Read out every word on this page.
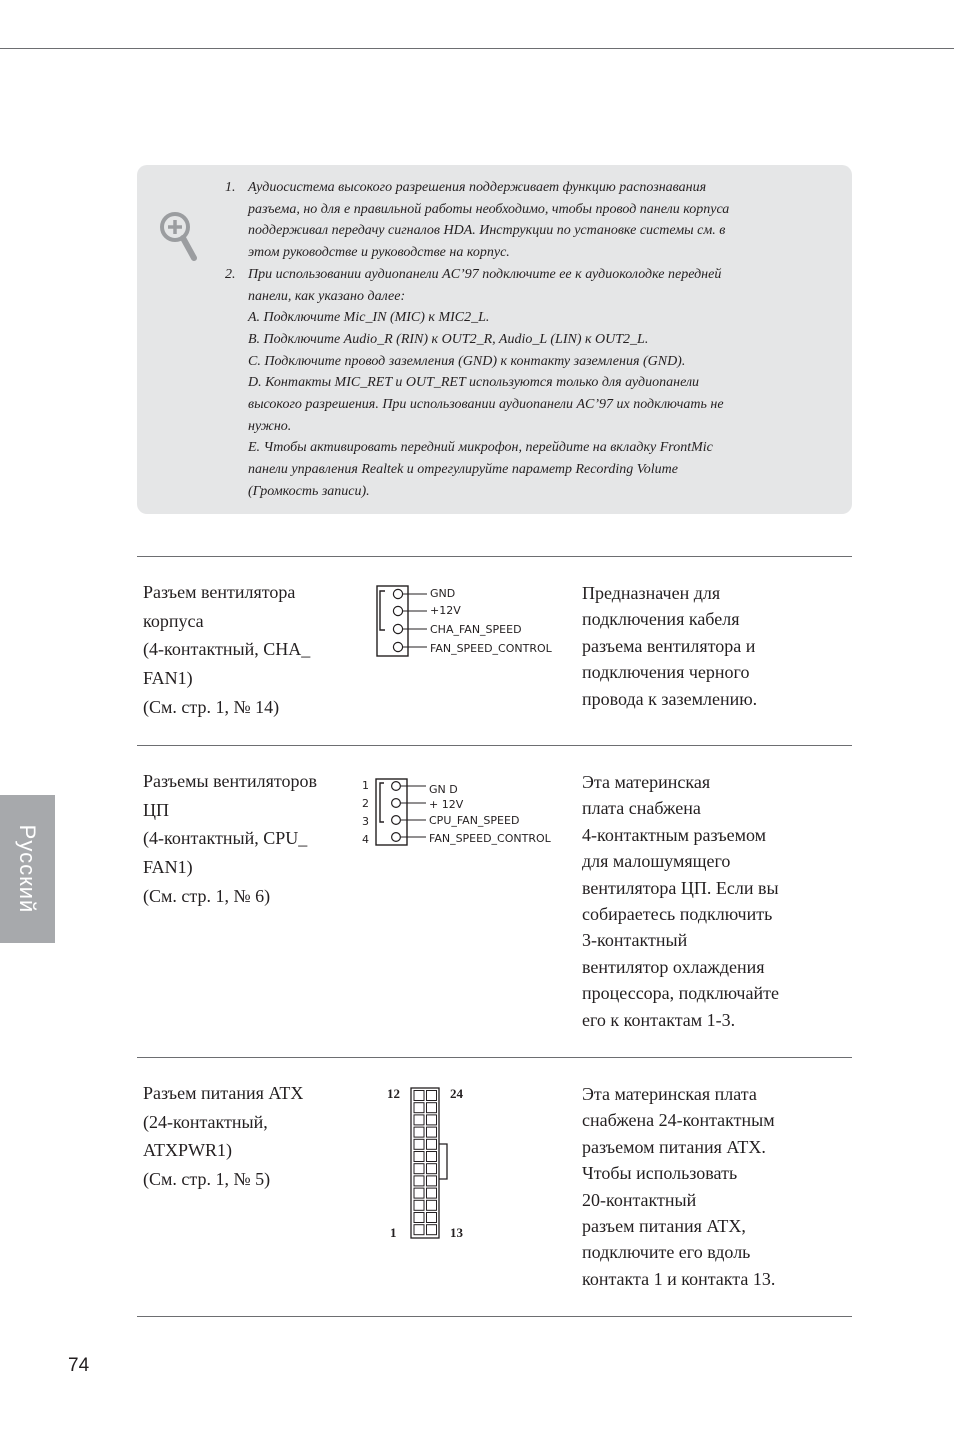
1. Аудиосистема высокого разрешения поддерживает функцию распознавания
разъема, но для е правильной работы необходимо, чтобы провод панели корпуса
поддерживал передачу сигналов HDA. Инструкции по установке системы см. в
этом руководстве и руководстве на корпус.
2. При использовании аудиопанели AC’97 подключите ее к аудиоколодке передней
панели, как указано далее:
A. Подключите Mic_IN (MIC) к MIC2_L.
B. Подключите Audio_R (RIN) к OUT2_R, Audio_L (LIN) к OUT2_L.
C. Подключите провод заземления (GND) к контакту заземления (GND).
D. Контакты MIC_RET и OUT_RET используются только для аудиопанели
высокого разрешения. При использовании аудиопанели AC’97 их подключать не
нужно.
E. Чтобы активировать передний микрофон, перейдите на вкладку FrontMic
панели управления Realtek и отрегулируйте параметр Recording Volume
(Громкость записи).
Разъем вентилятора
корпуса
(4-контактный, CHA_
FAN1)
(См. стр. 1, № 14)
GND
+12V
CHA_FAN_SPEED
FAN_SPEED_CONTROL

Предназначен для
подключения кабеля
разъема вентилятора и
подключения черного
провода к заземлению.

Разъемы вентиляторов
ЦП
(4-контактный, CPU_
FAN1)
(См. стр. 1, № 6)
1
2
3
4
GN D
+ 12V
CPU_FAN_SPEED
FAN_SPEED_CONTROL

Эта материнская
плата снабжена
4-контактным разъемом
для малошумящего
вентилятора ЦП. Если вы
собираетесь подключить
3-контактный
вентилятор охлаждения
процессора, подключайте
его к контактам 1-3.

Разъем питания ATX
(24-контактный,
ATXPWR1)
(См. стр. 1, № 5)
12	24
1	13

Эта материнская плата
снабжена 24-контактным
разъемом питания ATX.
Чтобы использовать
20-контактный
разъем питания ATX,
подключите его вдоль
контакта 1 и контакта 13.

Русский
74
